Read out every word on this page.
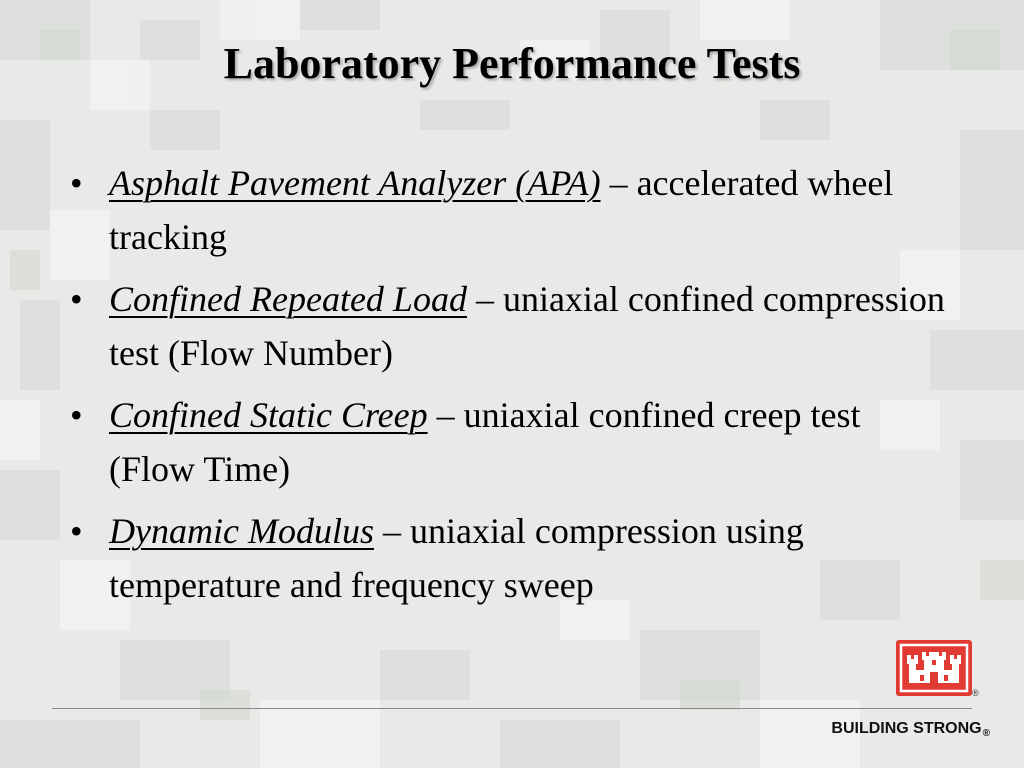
Laboratory Performance Tests
• Asphalt Pavement Analyzer (APA) – accelerated wheel tracking
• Confined Repeated Load – uniaxial confined compression test (Flow Number)
• Confined Static Creep – uniaxial confined creep test (Flow Time)
• Dynamic Modulus – uniaxial compression using temperature and frequency sweep
®
BUILDING STRONG®
